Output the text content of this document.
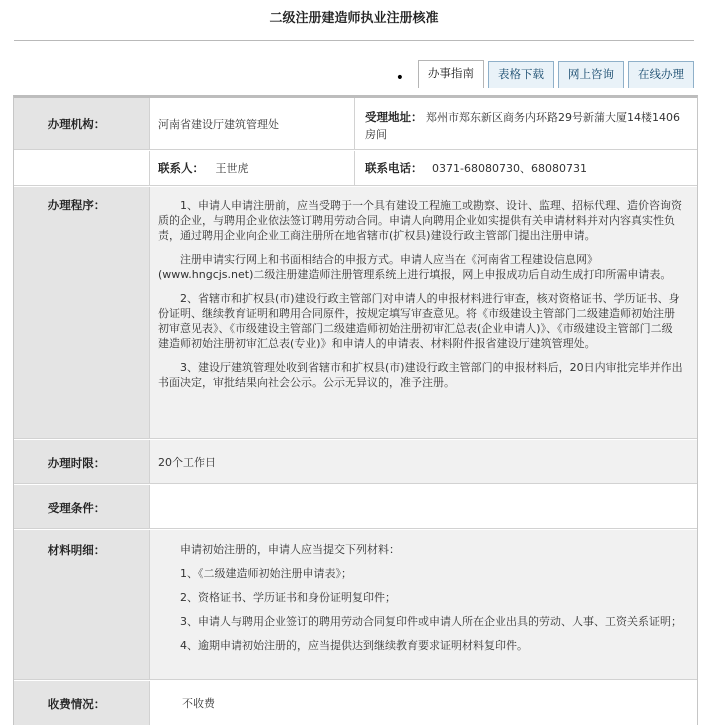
二级注册建造师执业注册核准
•	办事指南	表格下载	网上咨询	在线办理
办理机构：	河南省建设厅建筑管理处
受理地址： 郑州市郑东新区商务内环路29号新蒲大厦14楼1406房间
联系人： 王世虎	联系电话： 0371-68080730、68080731
办理程序：	1、申请人申请注册前，应当受聘于一个具有建设工程施工或勘察、设计、监理、招标代理、造价咨询资质的企业，与聘用企业依法签订聘用劳动合同。申请人向聘用企业如实提供有关申请材料并对内容真实性负责，通过聘用企业向企业工商注册所在地省辖市(扩权县)建设行政主管部门提出注册申请。

注册申请实行网上和书面相结合的申报方式。申请人应当在《河南省工程建设信息网》(www.hngcjs.net)二级注册建造师注册管理系统上进行填报，网上申报成功后自动生成打印所需申请表。

2、省辖市和扩权县(市)建设行政主管部门对申请人的申报材料进行审查，核对资格证书、学历证书、身份证明、继续教育证明和聘用合同原件，按规定填写审查意见。将《市级建设主管部门二级建造师初始注册初审意见表》、《市级建设主管部门二级建造师初始注册初审汇总表(企业申请人)》、《市级建设主管部门二级建造师初始注册初审汇总表(专业)》和申请人的申请表、材料附件报省建设厅建筑管理处。

3、建设厅建筑管理处收到省辖市和扩权县(市)建设行政主管部门的申报材料后，20日内审批完毕并作出书面决定，审批结果向社会公示。公示无异议的，准予注册。

办理时限：	20个工作日
受理条件：
材料明细：	申请初始注册的，申请人应当提交下列材料：

1、《二级建造师初始注册申请表》；

2、资格证书、学历证书和身份证明复印件；

3、申请人与聘用企业签订的聘用劳动合同复印件或申请人所在企业出具的劳动、人事、工资关系证明；

4、逾期申请初始注册的，应当提供达到继续教育要求证明材料复印件。

收费情况：	不收费
